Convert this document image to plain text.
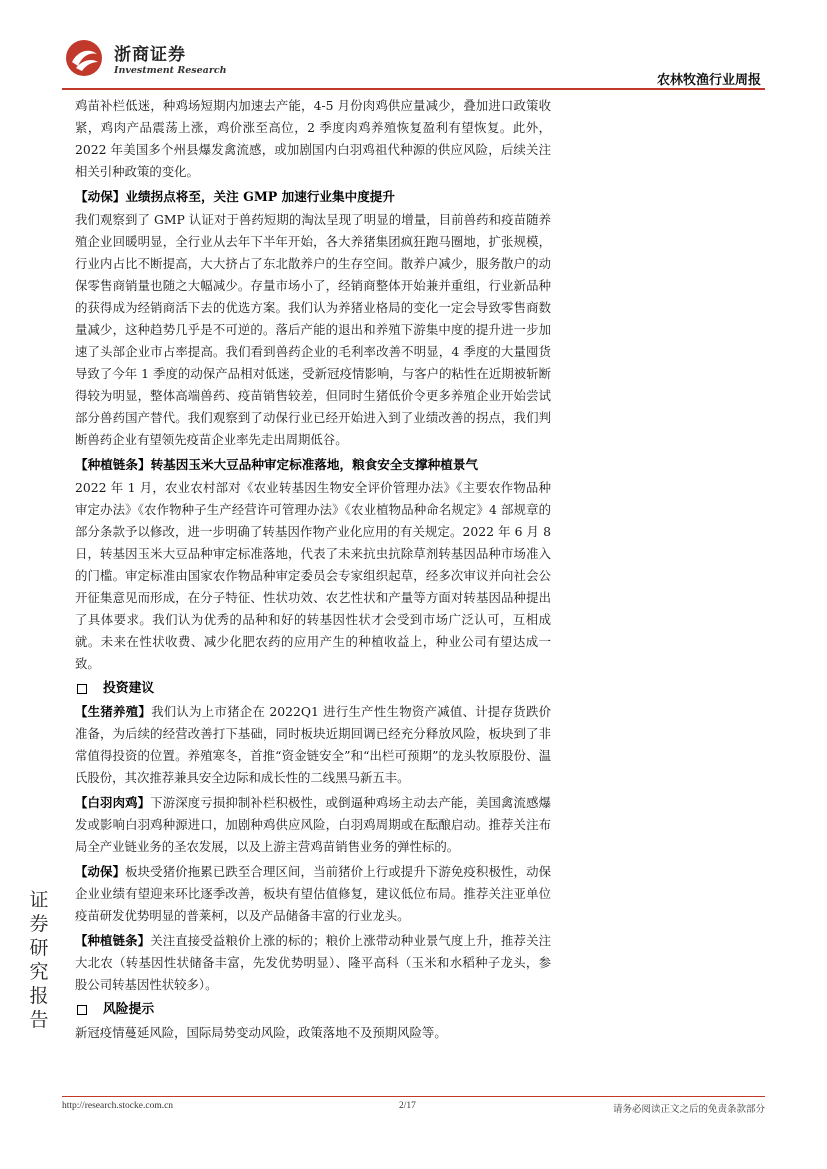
浙商证券
Investment Research
农林牧渔行业周报

鸡苗补栏低迷，种鸡场短期内加速去产能，4-5 月份肉鸡供应量减少，叠加进口政策收紧，鸡肉产品震荡上涨，鸡价涨至高位，2 季度肉鸡养殖恢复盈利有望恢复。此外，2022 年美国多个州县爆发禽流感，或加剧国内白羽鸡祖代种源的供应风险，后续关注相关引种政策的变化。

【动保】业绩拐点将至，关注 GMP 加速行业集中度提升

我们观察到了 GMP 认证对于兽药短期的淘汰呈现了明显的增量，目前兽药和疫苗随养殖企业回暖明显，全行业从去年下半年开始，各大养猪集团疯狂跑马圈地，扩张规模，行业内占比不断提高，大大挤占了东北散养户的生存空间。散养户减少，服务散户的动保零售商销量也随之大幅减少。存量市场小了，经销商整体开始兼并重组，行业新品种的获得成为经销商活下去的优选方案。我们认为养猪业格局的变化一定会导致零售商数量减少，这种趋势几乎是不可逆的。落后产能的退出和养殖下游集中度的提升进一步加速了头部企业市占率提高。我们看到兽药企业的毛利率改善不明显，4 季度的大量囤货导致了今年 1 季度的动保产品相对低迷，受新冠疫情影响，与客户的粘性在近期被斩断得较为明显，整体高端兽药、疫苗销售较差，但同时生猪低价令更多养殖企业开始尝试部分兽药国产替代。我们观察到了动保行业已经开始进入到了业绩改善的拐点，我们判断兽药企业有望领先疫苗企业率先走出周期低谷。

【种植链条】转基因玉米大豆品种审定标准落地，粮食安全支撑种植景气

2022 年 1 月，农业农村部对《农业转基因生物安全评价管理办法》《主要农作物品种审定办法》《农作物种子生产经营许可管理办法》《农业植物品种命名规定》4 部规章的部分条款予以修改，进一步明确了转基因作物产业化应用的有关规定。2022 年 6 月 8 日，转基因玉米大豆品种审定标准落地，代表了未来抗虫抗除草剂转基因品种市场准入的门槛。审定标准由国家农作物品种审定委员会专家组织起草，经多次审议并向社会公开征集意见而形成，在分子特征、性状功效、农艺性状和产量等方面对转基因品种提出了具体要求。我们认为优秀的品种和好的转基因性状才会受到市场广泛认可，互相成就。未来在性状收费、减少化肥农药的应用产生的种植收益上，种业公司有望达成一致。

投资建议

【生猪养殖】我们认为上市猪企在 2022Q1 进行生产性生物资产减值、计提存货跌价准备，为后续的经营改善打下基础，同时板块近期回调已经充分释放风险，板块到了非常值得投资的位置。养殖寒冬，首推“资金链安全”和“出栏可预期”的龙头牧原股份、温氏股份，其次推荐兼具安全边际和成长性的二线黑马新五丰。

【白羽肉鸡】下游深度亏损抑制补栏积极性，或倒逼种鸡场主动去产能，美国禽流感爆发或影响白羽鸡种源进口，加剧种鸡供应风险，白羽鸡周期或在酝酿启动。推荐关注布局全产业链业务的圣农发展，以及上游主营鸡苗销售业务的弹性标的。

【动保】板块受猪价拖累已跌至合理区间，当前猪价上行或提升下游免疫积极性，动保企业业绩有望迎来环比逐季改善，板块有望估值修复，建议低位布局。推荐关注亚单位疫苗研发优势明显的普莱柯，以及产品储备丰富的行业龙头。

【种植链条】关注直接受益粮价上涨的标的；粮价上涨带动种业景气度上升，推荐关注大北农（转基因性状储备丰富，先发优势明显）、隆平高科（玉米和水稻种子龙头，参股公司转基因性状较多）。

风险提示

新冠疫情蔓延风险，国际局势变动风险，政策落地不及预期风险等。

证
券
研
究
报
告
http://research.stocke.com.cn	2/17	请务必阅读正文之后的免责条款部分
